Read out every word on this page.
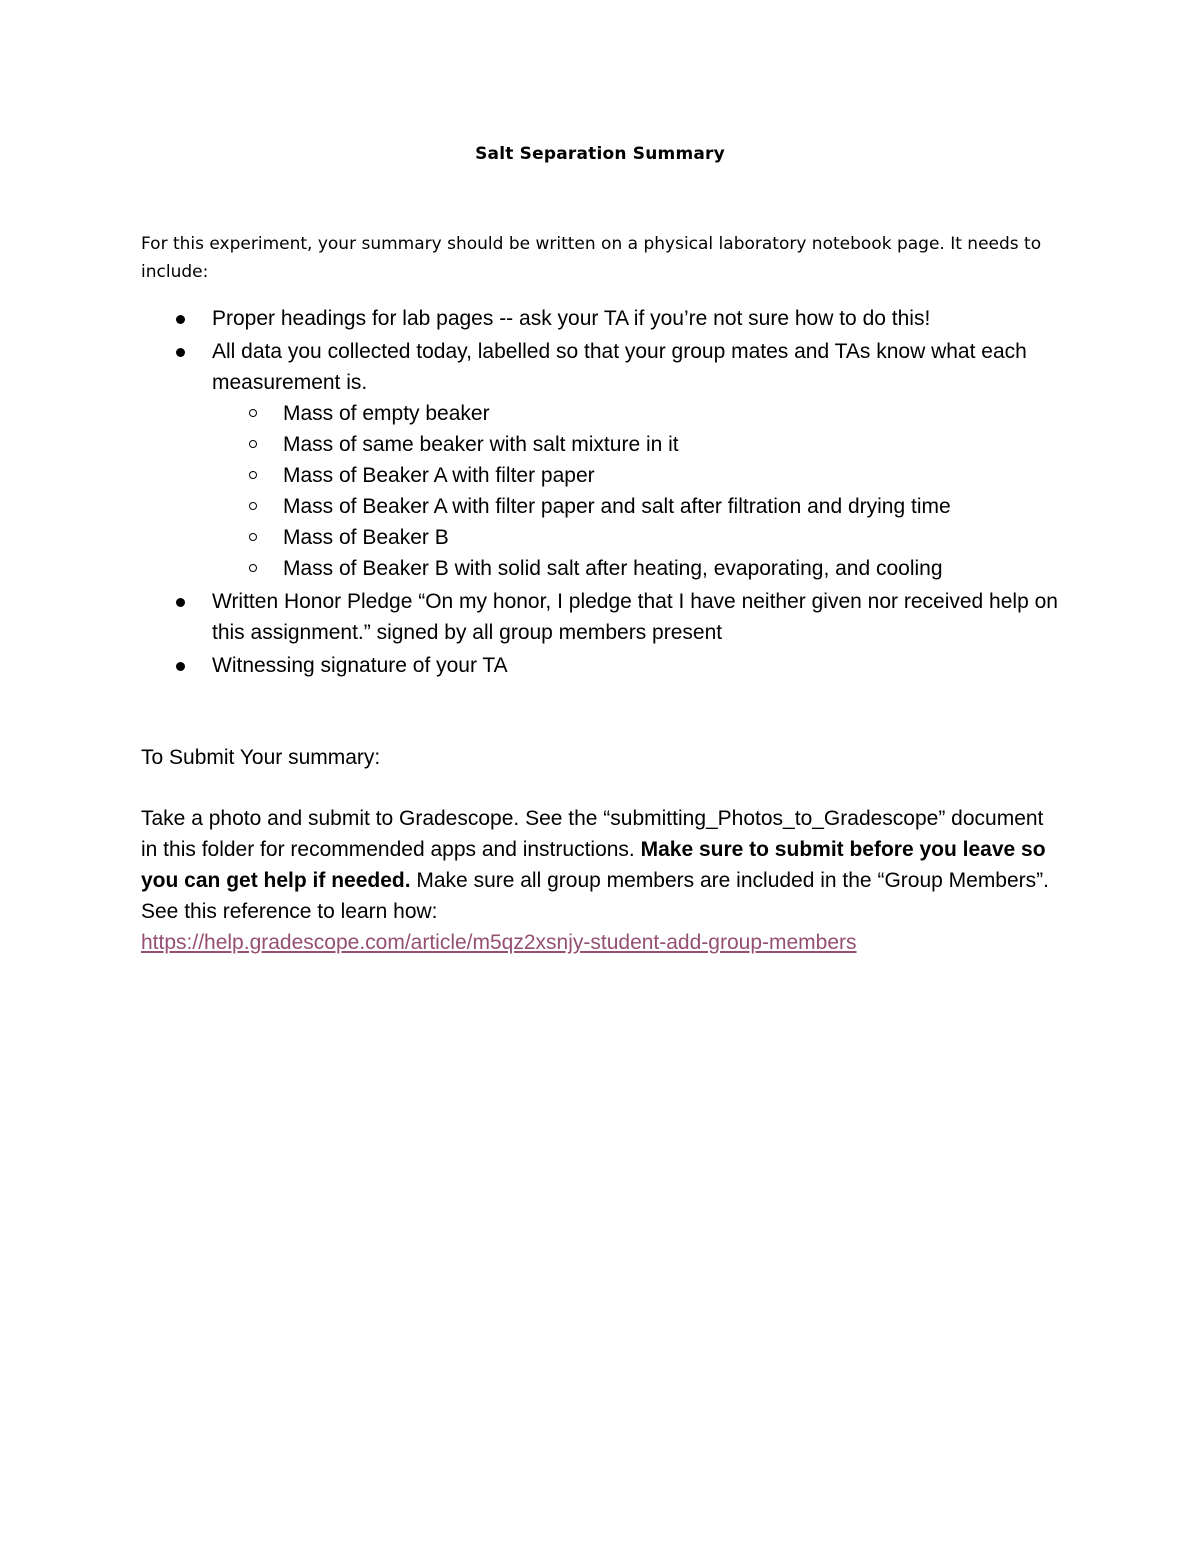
Salt Separation Summary
For this experiment, your summary should be written on a physical laboratory notebook page. It needs to include:
Proper headings for lab pages -- ask your TA if you’re not sure how to do this!
All data you collected today, labelled so that your group mates and TAs know what each measurement is.
Mass of empty beaker
Mass of same beaker with salt mixture in it
Mass of Beaker A with filter paper
Mass of Beaker A with filter paper and salt after filtration and drying time
Mass of Beaker B
Mass of Beaker B with solid salt after heating, evaporating, and cooling
Written Honor Pledge “On my honor, I pledge that I have neither given nor received help on this assignment.” signed by all group members present
Witnessing signature of your TA
To Submit Your summary:
Take a photo and submit to Gradescope. See the “submitting_Photos_to_Gradescope” document in this folder for recommended apps and instructions. Make sure to submit before you leave so you can get help if needed. Make sure all group members are included in the “Group Members”. See this reference to learn how:
https://help.gradescope.com/article/m5qz2xsnjy-student-add-group-members
